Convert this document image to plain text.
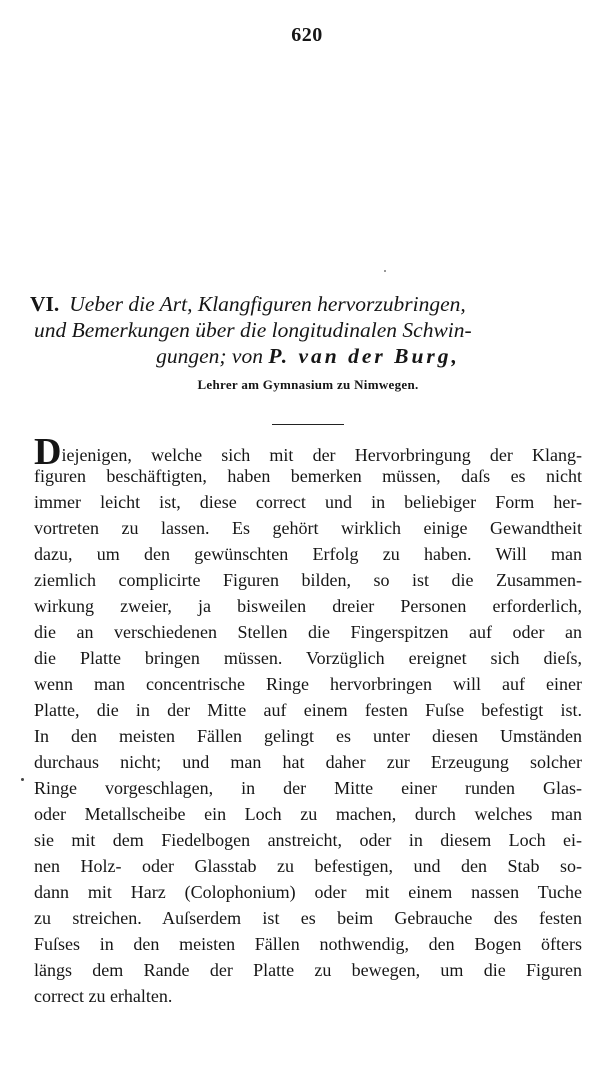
620
VI. Ueber die Art, Klangfiguren hervorzubringen,
und Bemerkungen über die longitudinalen Schwin-
gungen; von P. van der Burg,
Lehrer am Gymnasium zu Nimwegen.
Diejenigen, welche sich mit der Hervorbringung der Klang-
figuren beschäftigten, haben bemerken müssen, daſs es nicht
immer leicht ist, diese correct und in beliebiger Form her-
vortreten zu lassen. Es gehört wirklich einige Gewandtheit
dazu, um den gewünschten Erfolg zu haben. Will man
ziemlich complicirte Figuren bilden, so ist die Zusammen-
wirkung zweier, ja bisweilen dreier Personen erforderlich,
die an verschiedenen Stellen die Fingerspitzen auf oder an
die Platte bringen müssen. Vorzüglich ereignet sich dieſs,
wenn man concentrische Ringe hervorbringen will auf einer
Platte, die in der Mitte auf einem festen Fuſse befestigt ist.
In den meisten Fällen gelingt es unter diesen Umständen
durchaus nicht; und man hat daher zur Erzeugung solcher
Ringe vorgeschlagen, in der Mitte einer runden Glas-
oder Metallscheibe ein Loch zu machen, durch welches man
sie mit dem Fiedelbogen anstreicht, oder in diesem Loch ei-
nen Holz- oder Glasstab zu befestigen, und den Stab so-
dann mit Harz (Colophonium) oder mit einem nassen Tuche
zu streichen. Auſserdem ist es beim Gebrauche des festen
Fuſses in den meisten Fällen nothwendig, den Bogen öfters
längs dem Rande der Platte zu bewegen, um die Figuren
correct zu erhalten.
